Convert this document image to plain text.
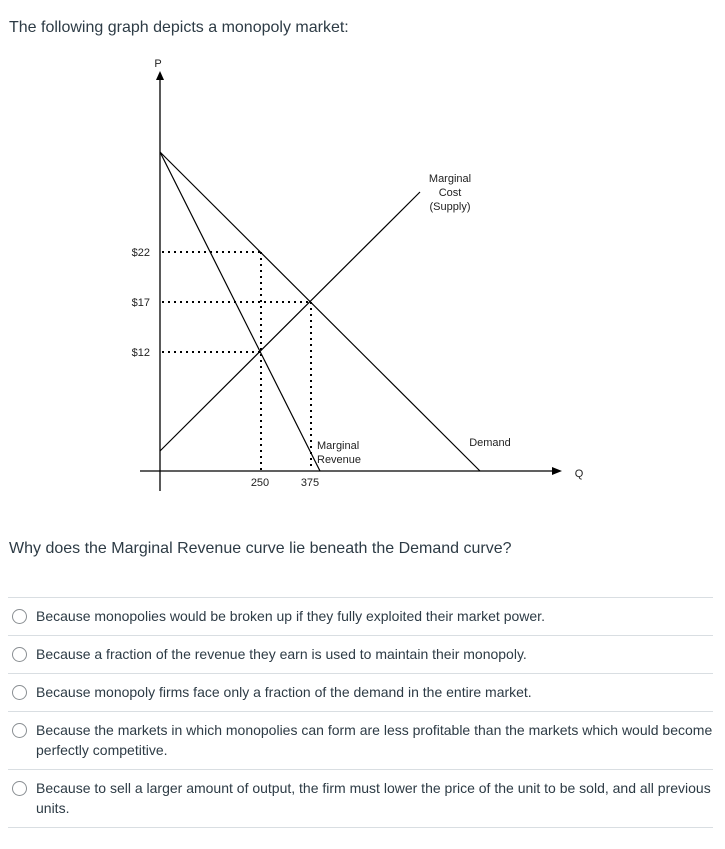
The following graph depicts a monopoly market:

P
Q
$22
$17
$12
250	375
Marginal
Cost
(Supply)
Marginal
Revenue
Demand

Why does the Marginal Revenue curve lie beneath the Demand curve?

Because monopolies would be broken up if they fully exploited their market power.
Because a fraction of the revenue they earn is used to maintain their monopoly.
Because monopoly firms face only a fraction of the demand in the entire market.
Because the markets in which monopolies can form are less profitable than the markets which would become perfectly competitive.
Because to sell a larger amount of output, the firm must lower the price of the unit to be sold, and all previous units.
